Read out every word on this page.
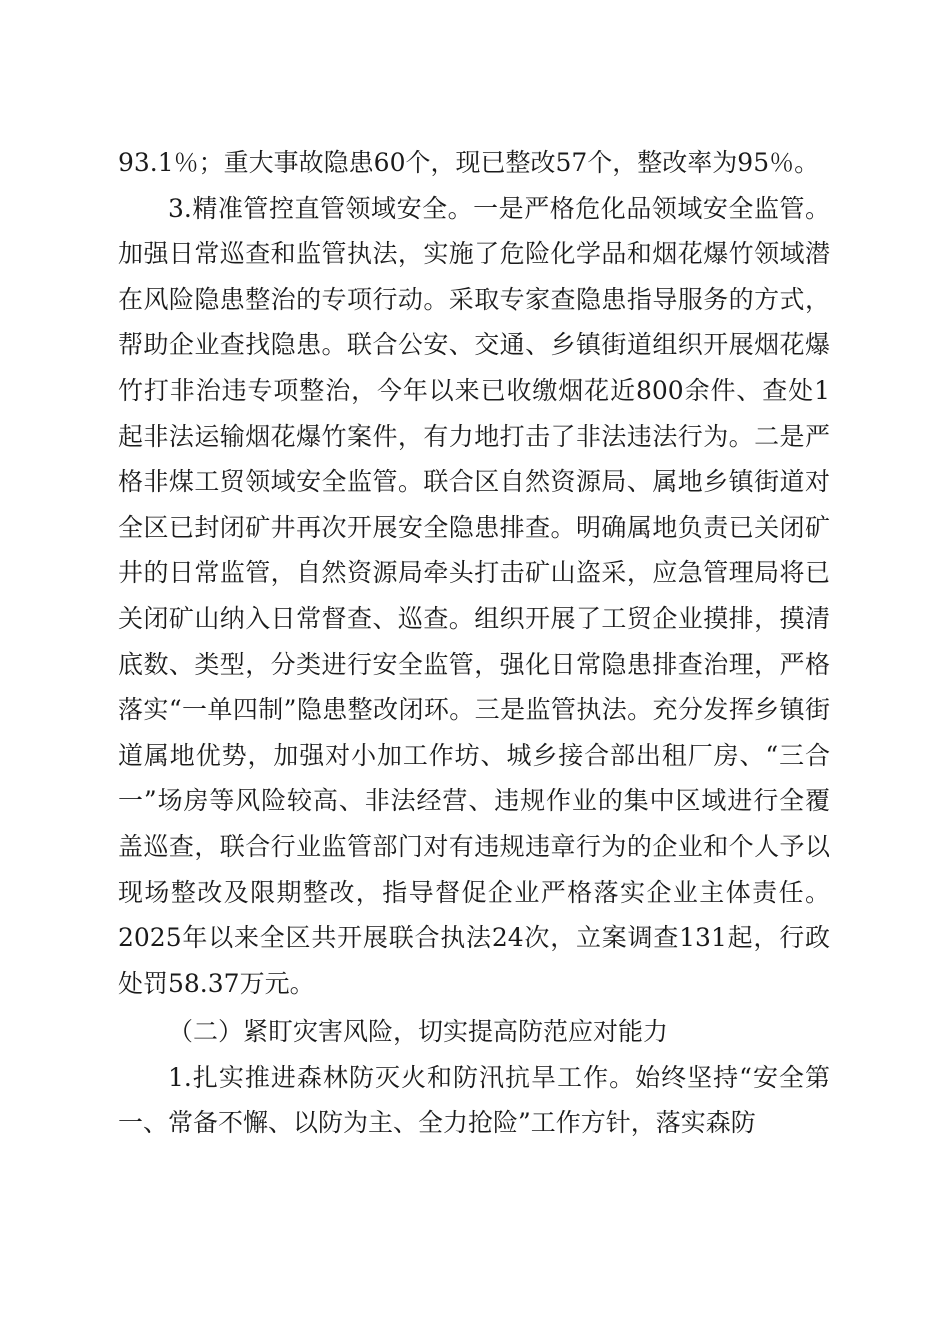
93.1％；重大事故隐患60个，现已整改57个，整改率为95％。

3.精准管控直管领域安全。一是严格危化品领域安全监管。加强日常巡查和监管执法，实施了危险化学品和烟花爆竹领域潜在风险隐患整治的专项行动。采取专家查隐患指导服务的方式，帮助企业查找隐患。联合公安、交通、乡镇街道组织开展烟花爆竹打非治违专项整治，今年以来已收缴烟花近800余件、查处1起非法运输烟花爆竹案件，有力地打击了非法违法行为。二是严格非煤工贸领域安全监管。联合区自然资源局、属地乡镇街道对全区已封闭矿井再次开展安全隐患排查。明确属地负责已关闭矿井的日常监管，自然资源局牵头打击矿山盗采，应急管理局将已关闭矿山纳入日常督查、巡查。组织开展了工贸企业摸排，摸清底数、类型，分类进行安全监管，强化日常隐患排查治理，严格落实“一单四制”隐患整改闭环。三是监管执法。充分发挥乡镇街道属地优势，加强对小加工作坊、城乡接合部出租厂房、“三合一”场房等风险较高、非法经营、违规作业的集中区域进行全覆盖巡查，联合行业监管部门对有违规违章行为的企业和个人予以现场整改及限期整改，指导督促企业严格落实企业主体责任。2025年以来全区共开展联合执法24次，立案调查131起，行政处罚58.37万元。

（二）紧盯灾害风险，切实提高防范应对能力

1.扎实推进森林防灭火和防汛抗旱工作。始终坚持“安全第一、常备不懈、以防为主、全力抢险”工作方针，落实森防
